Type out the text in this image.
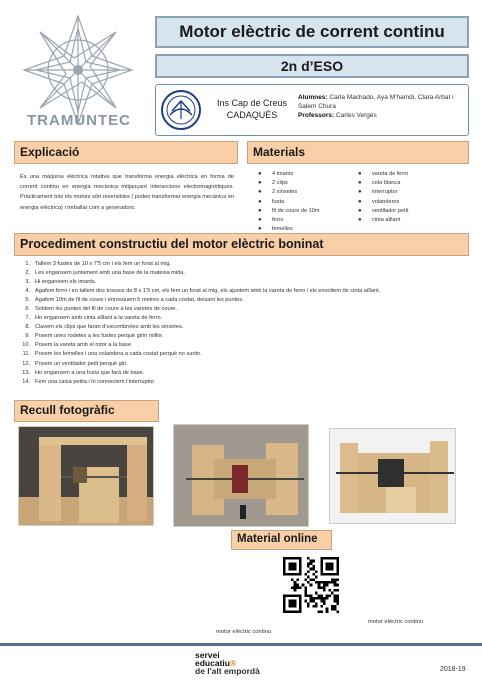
TRAMUNTEC
Motor elèctric de corrent continu
2n d’ESO
Ins Cap de Creus CADAQUÉS
Alumnes: Carla Machado, Aya M’hamdi, Clara Arbat i Salem Chura
Professors: Carles Vergés
Explicació
És una màquina elèctrica rotativa que transforma energia elèctrica en forma de corrent continu en energia mecànica mitjançant interaccions electromagnètiques. Pràcticament tots els motors són reversibles ( poden transformar energia mecànica en energia elèctrica) i treballar com a generadors.
Materials
●	4 imants
●	2 clips
●	2 xinxetes
●	fusta
●	fil de coure de 10m
●	ferro
●	femelles
●	vareta de ferro
●	cola blanca
●	interruptor
●	volanderes
●	ventilador petit
●	cinta aïllant
Procediment constructiu del motor elèctric boninat
1. Tallem 3 fustes de 10 x 7'5 cm i els fem un forat al mig.
2. Les enganxem juntament amb una base de la mateixa mida.
3. Hi enganxem els imants.
4. Agafem ferro i en tallem dos trossos de 8 x 1'5 cm, els fem un forat al mig, els ajuntem amb la vareta de ferro i els envoltem de cinta aïllant.
5. Agafem 10m de fil de coure i enrosquem 5 metres a cada costat, deixant les puntes.
6. Soldem les puntes del fil de coure a les varetes de coure.
7. Ho enganxem amb cinta aïllant a la vareta de ferro.
8. Clavem els clips que faran d’escombretes amb les xinxetes.
9. Posem unes rodetes a les fustes perquè girin millor.
10. Posem la vareta amb el rotor a la base
11. Posem les femelles i una volandera a cada costat perquè no surtin.
12. Posem un ventilador petit perquè giri.
13. Ho enganxem a una fusta que farà de base.
14. Fem una caixa petita i hi connectem l’interruptor.
Recull fotogràfic
Material online
motor elèctric continu
motor elèctric continu
servei
educatiu®
de l'alt empordà	2018-19
